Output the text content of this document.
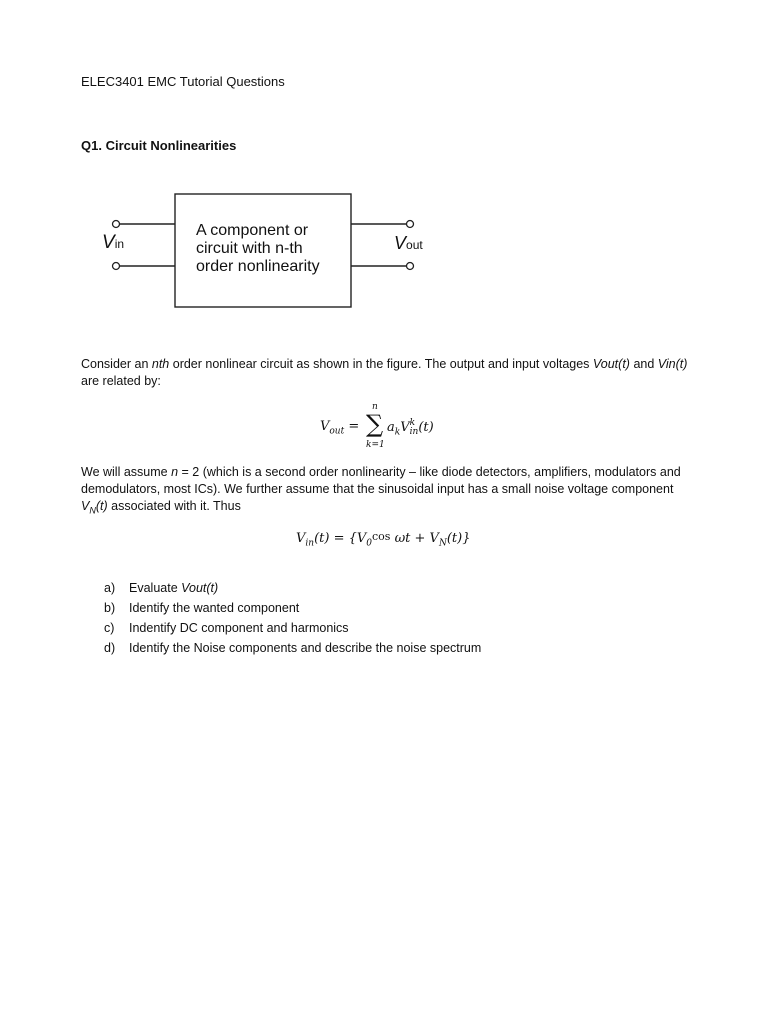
ELEC3401 EMC Tutorial Questions
Q1. Circuit Nonlinearities
A component or
circuit with n-th
order nonlinearity
Vin	Vout
Consider an nth order nonlinear circuit as shown in the figure. The output and input voltages Vout(t) and Vin(t) are related by:
$V_{out}$ =
n
∑
k=1
$a_kV$ k
in (t)
We will assume n = 2 (which is a second order nonlinearity – like diode detectors, amplifiers, modulators and demodulators, most ICs). We further assume that the sinusoidal input has a small noise voltage component $V_N(t)$ associated with it. Thus
$V_{in}(t) = \{V_0\cos$ $\omega t + V_N(t)$}
a) Evaluate Vout(t)
b) Identify the wanted component
c) Indentify DC component and harmonics
d) Identify the Noise components and describe the noise spectrum
